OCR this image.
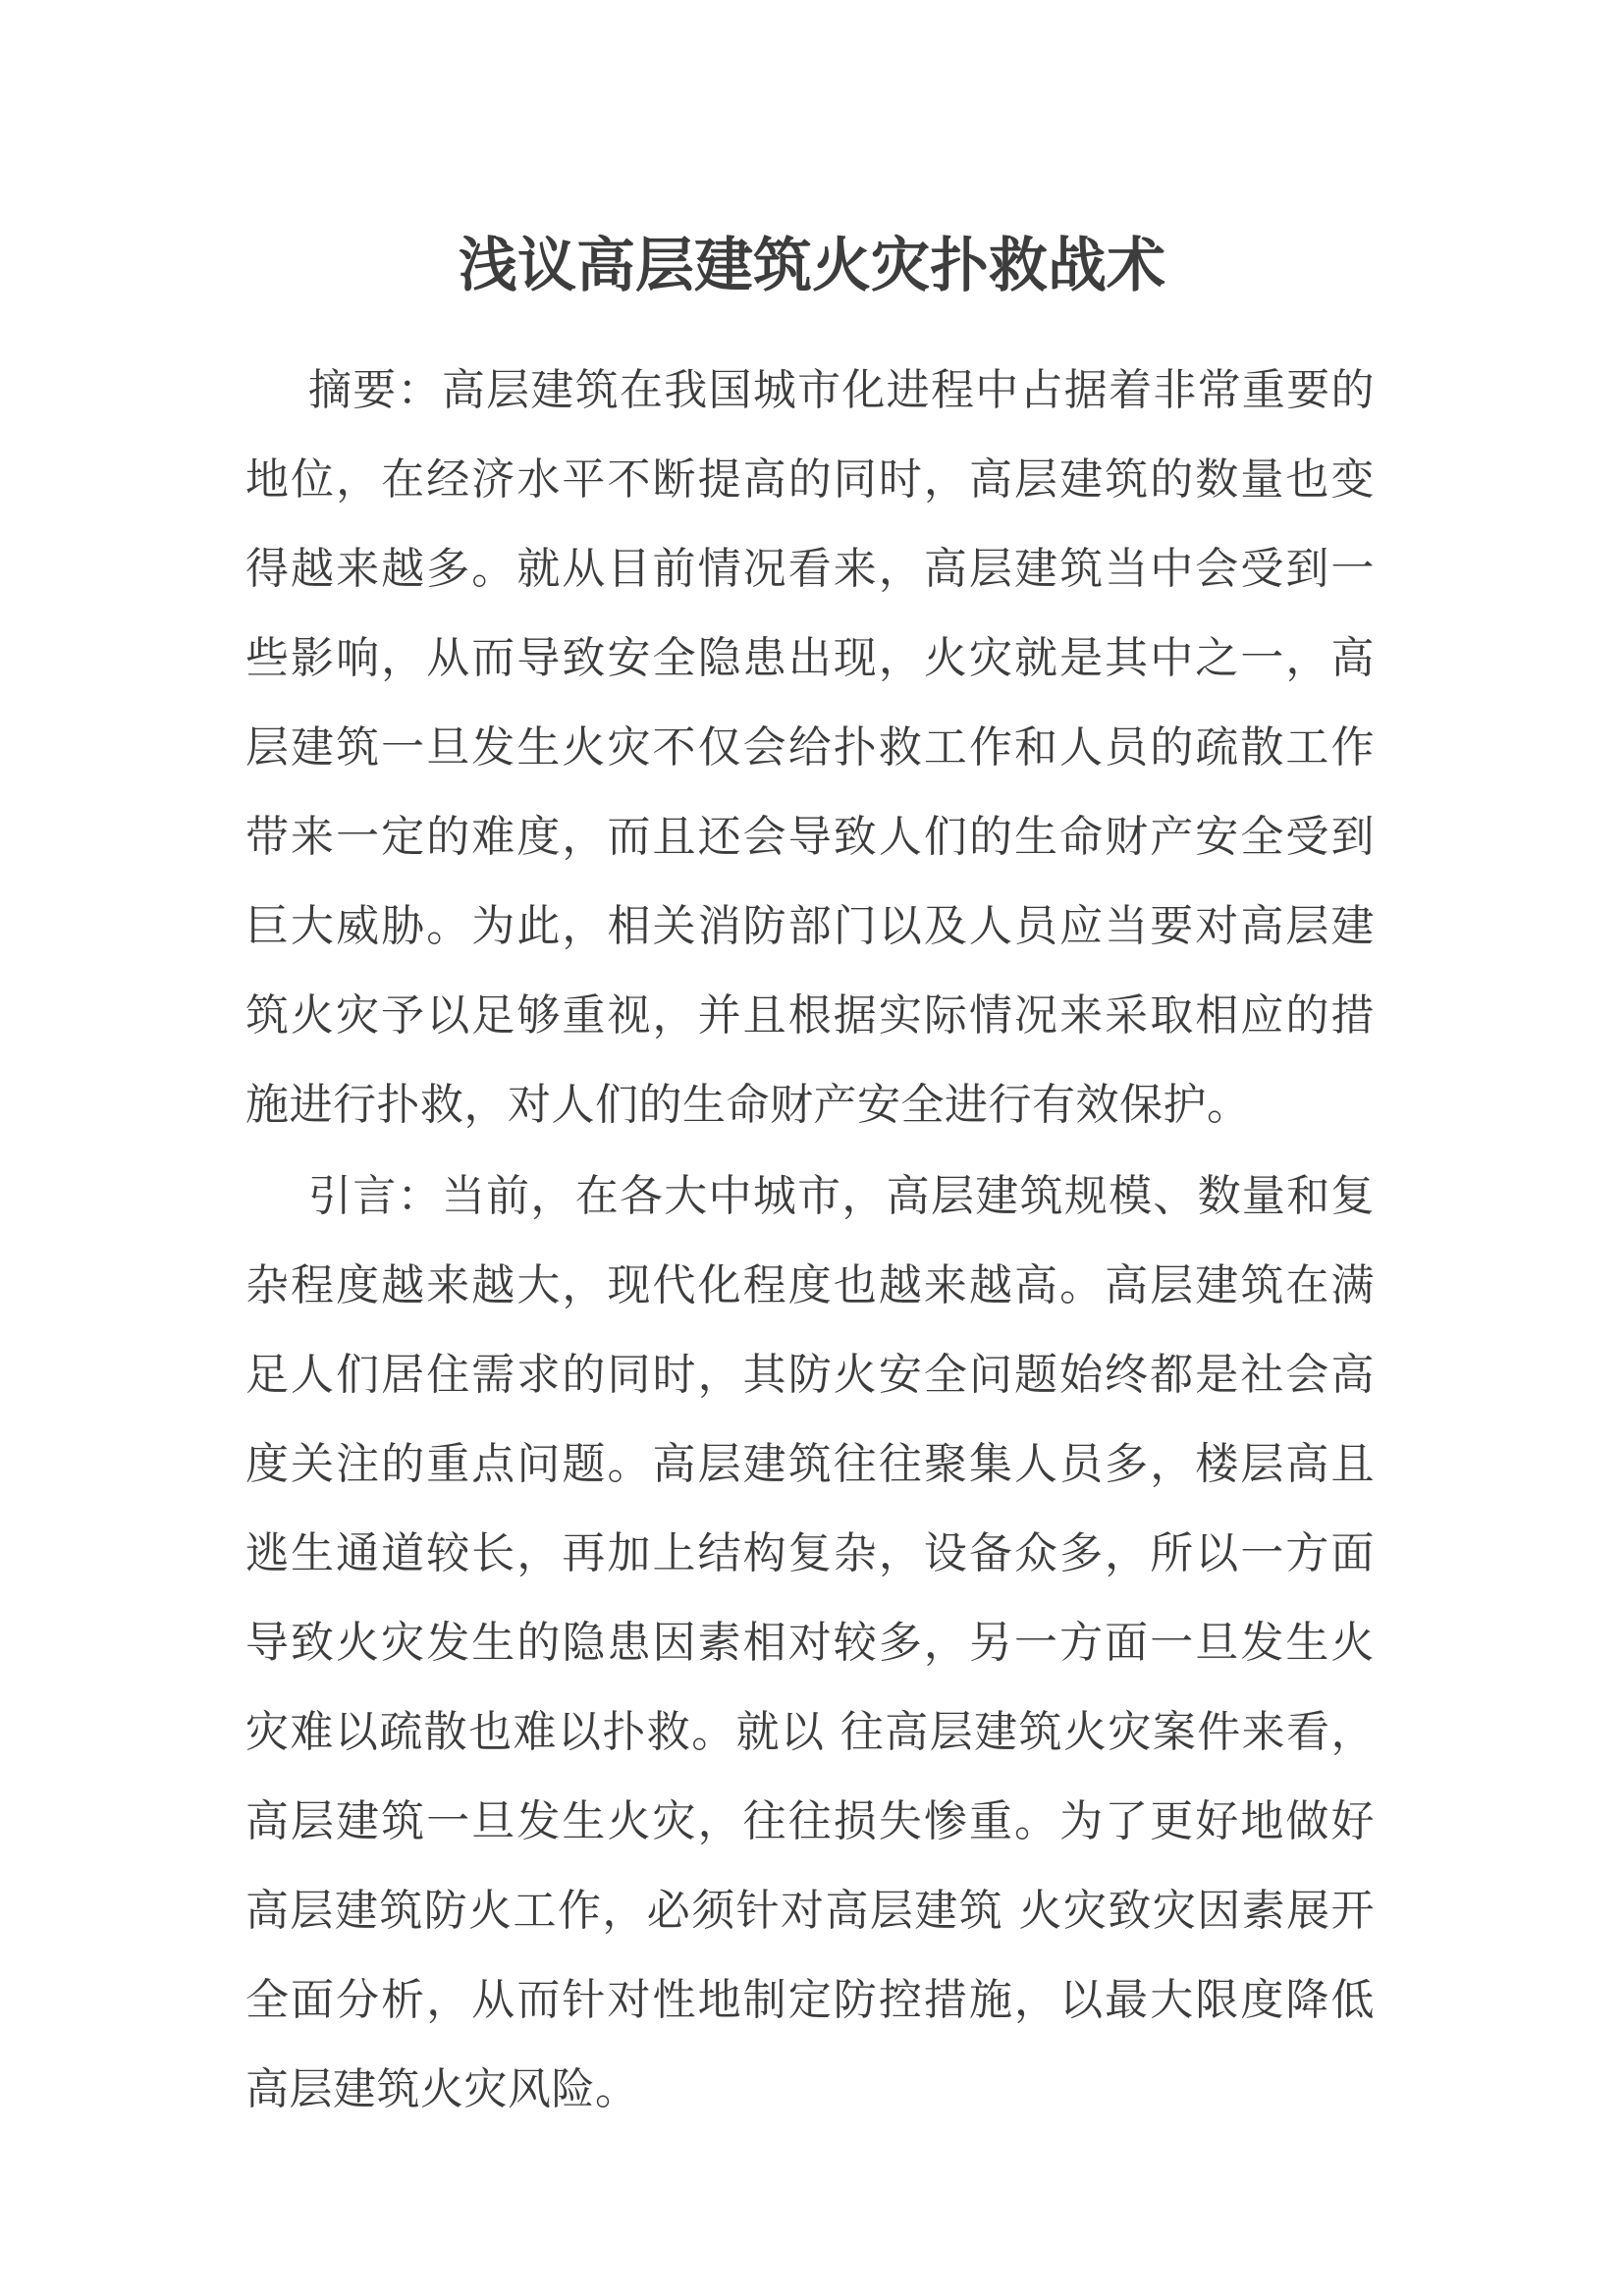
浅议高层建筑火灾扑救战术

摘要：高层建筑在我国城市化进程中占据着非常重要的地位，在经济水平不断提高的同时，高层建筑的数量也变得越来越多。就从目前情况看来，高层建筑当中会受到一些影响，从而导致安全隐患出现，火灾就是其中之一，高层建筑一旦发生火灾不仅会给扑救工作和人员的疏散工作带来一定的难度，而且还会导致人们的生命财产安全受到巨大威胁。为此，相关消防部门以及人员应当要对高层建筑火灾予以足够重视，并且根据实际情况来采取相应的措施进行扑救，对人们的生命财产安全进行有效保护。

引言：当前，在各大中城市，高层建筑规模、数量和复杂程度越来越大，现代化程度也越来越高。高层建筑在满足人们居住需求的同时，其防火安全问题始终都是社会高度关注的重点问题。高层建筑往往聚集人员多，楼层高且逃生通道较长，再加上结构复杂，设备众多，所以一方面导致火灾发生的隐患因素相对较多，另一方面一旦发生火灾难以疏散也难以扑救。就以 往高层建筑火灾案件来看，高层建筑一旦发生火灾，往往损失惨重。为了更好地做好高层建筑防火工作，必须针对高层建筑 火灾致灾因素展开全面分析，从而针对性地制定防控措施，以最大限度降低高层建筑火灾风险。
